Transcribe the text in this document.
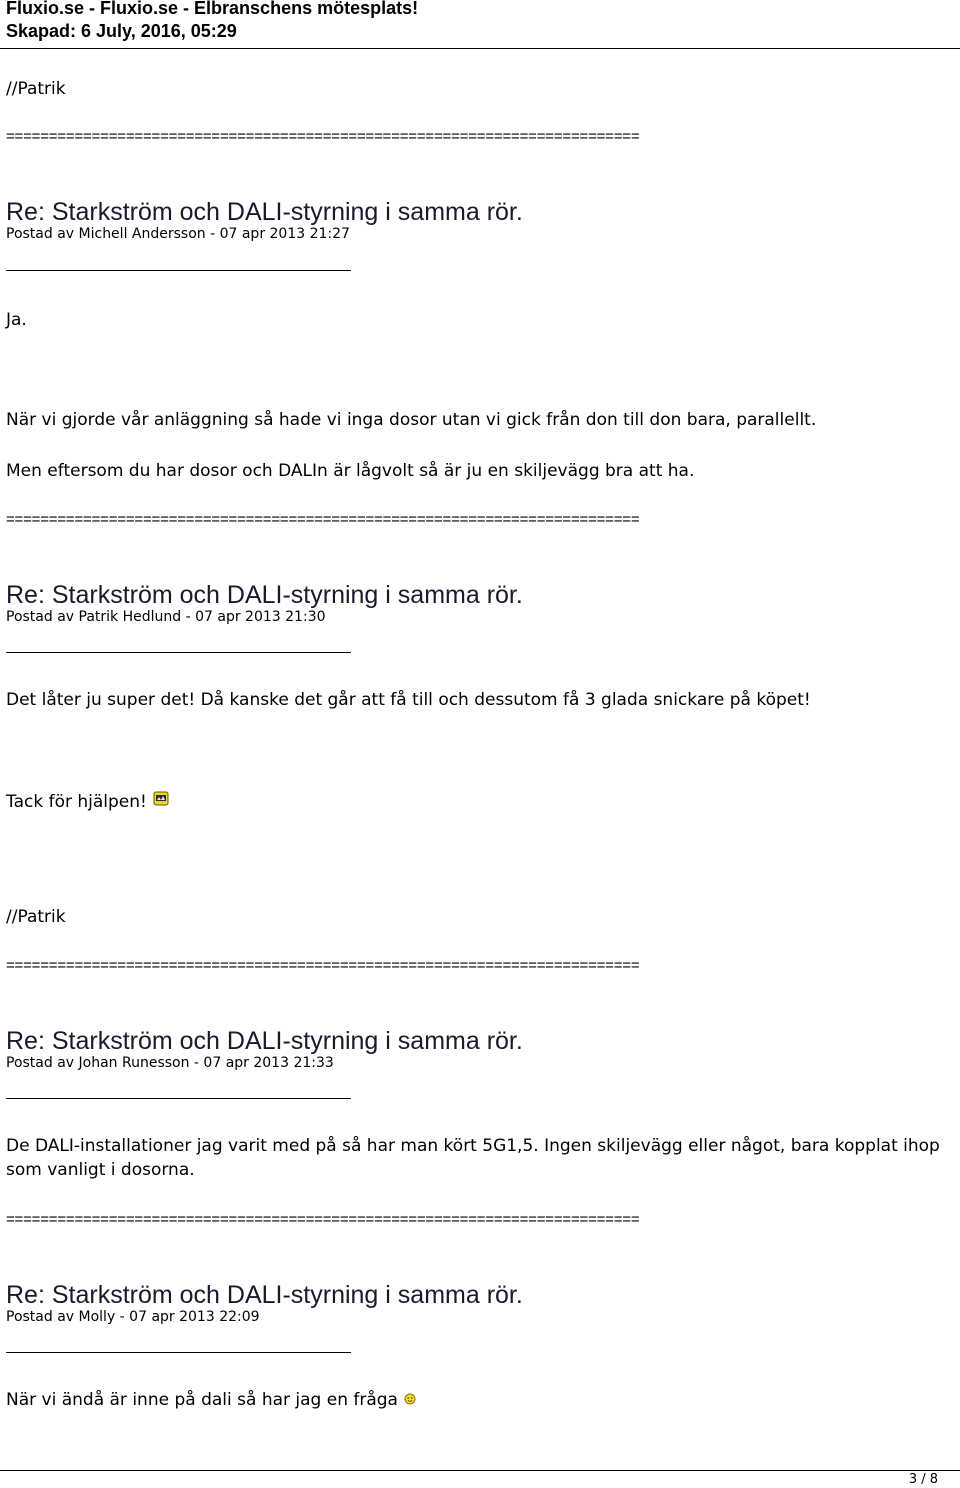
Fluxio.se - Fluxio.se - Elbranschens mötesplats!
Skapad: 6 July, 2016, 05:29
//Patrik
==========================================================================
Re: Starkström och DALI-styrning i samma rör.
Postad av Michell Andersson - 07 apr 2013 21:27
Ja.
När vi gjorde vår anläggning så hade vi inga dosor utan vi gick från don till don bara, parallellt.
Men eftersom du har dosor och DALIn är lågvolt så är ju en skiljevägg bra att ha.
==========================================================================
Re: Starkström och DALI-styrning i samma rör.
Postad av Patrik Hedlund - 07 apr 2013 21:30
Det låter ju super det! Då kanske det går att få till och dessutom få 3 glada snickare på köpet!
Tack för hjälpen!
//Patrik
==========================================================================
Re: Starkström och DALI-styrning i samma rör.
Postad av Johan Runesson - 07 apr 2013 21:33
De DALI-installationer jag varit med på så har man kört 5G1,5. Ingen skiljevägg eller något, bara kopplat ihop som vanligt i dosorna.
==========================================================================
Re: Starkström och DALI-styrning i samma rör.
Postad av Molly - 07 apr 2013 22:09
När vi ändå är inne på dali så har jag en fråga
3 / 8
